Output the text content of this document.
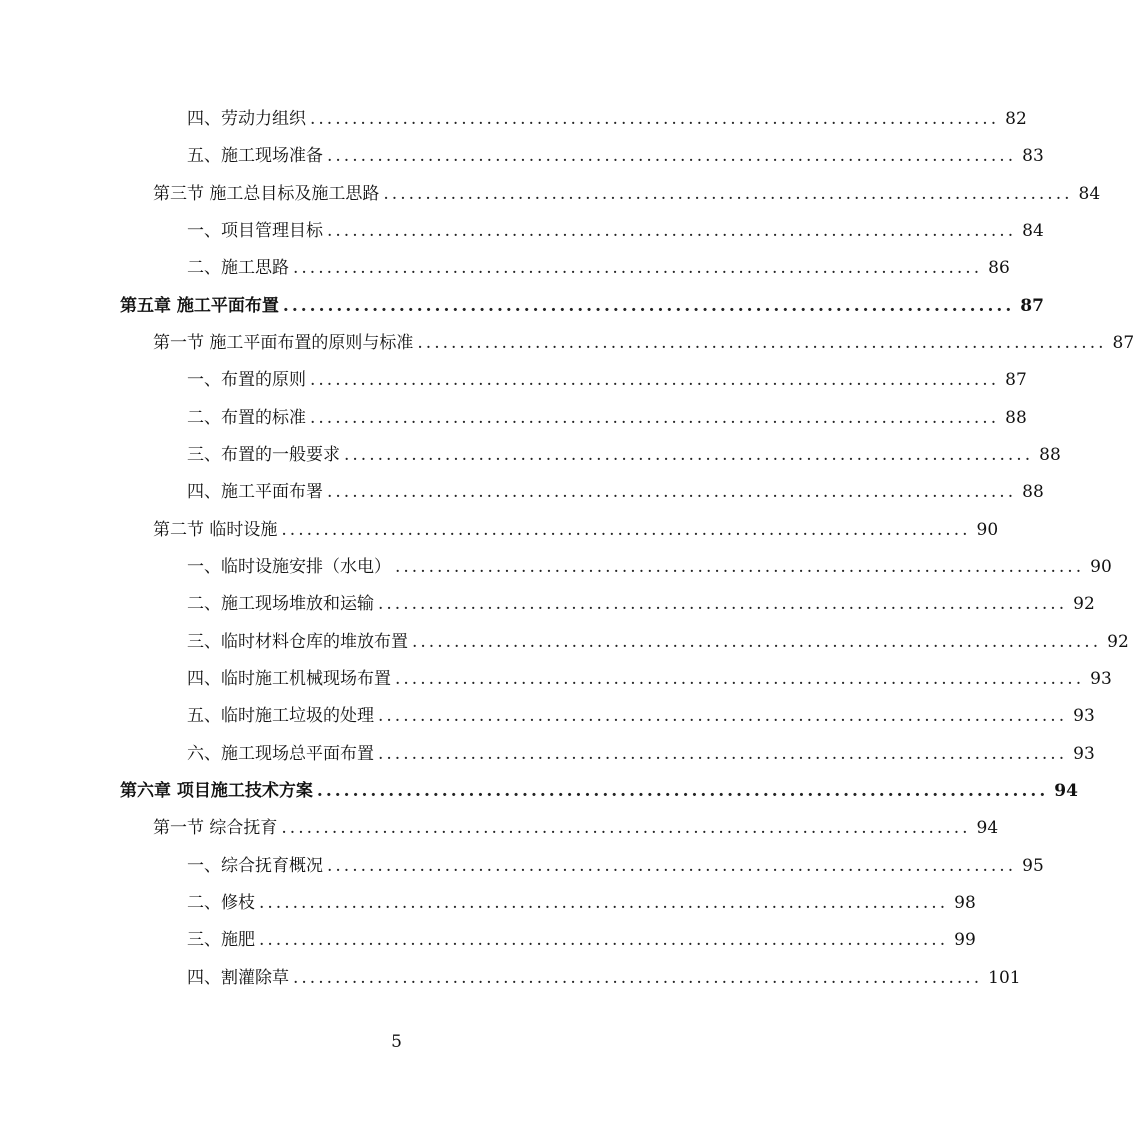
四、劳动力组织 .................................................................................. 82
五、施工现场准备 .................................................................................. 83
第三节 施工总目标及施工思路 .................................................................................. 84
一、项目管理目标 .................................................................................. 84
二、施工思路 .................................................................................. 86
第五章 施工平面布置 .................................................................................. 87
第一节 施工平面布置的原则与标准 .................................................................................. 87
一、布置的原则 .................................................................................. 87
二、布置的标准 .................................................................................. 88
三、布置的一般要求 .................................................................................. 88
四、施工平面布署 .................................................................................. 88
第二节 临时设施 .................................................................................. 90
一、临时设施安排（水电） .................................................................................. 90
二、施工现场堆放和运输 .................................................................................. 92
三、临时材料仓库的堆放布置 .................................................................................. 92
四、临时施工机械现场布置 .................................................................................. 93
五、临时施工垃圾的处理 .................................................................................. 93
六、施工现场总平面布置 .................................................................................. 93
第六章 项目施工技术方案 .................................................................................. 94
第一节 综合抚育 .................................................................................. 94
一、综合抚育概况 .................................................................................. 95
二、修枝 .................................................................................. 98
三、施肥 .................................................................................. 99
四、割灌除草 .................................................................................. 101
5
